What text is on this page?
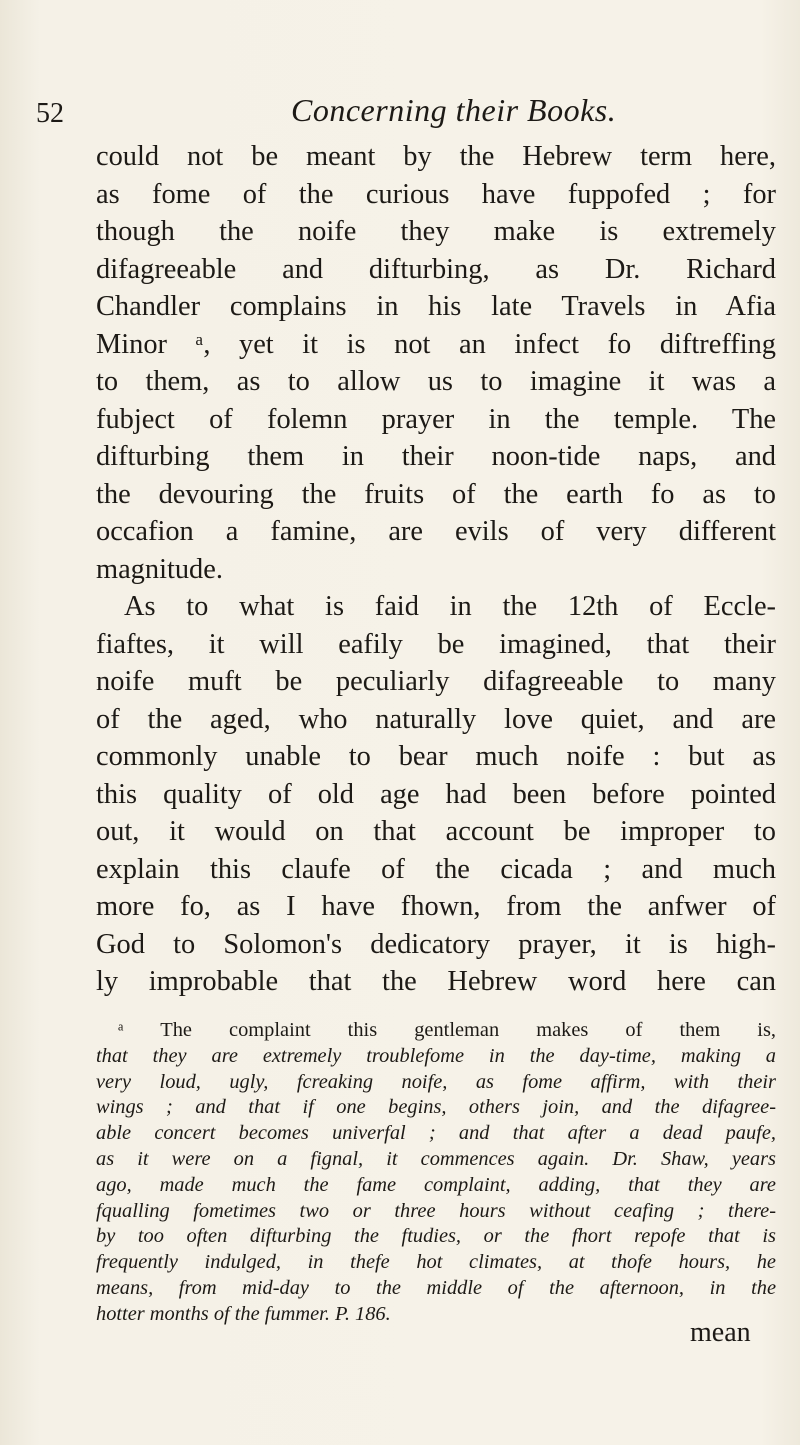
52	Concerning their Books.
could not be meant by the Hebrew term here,
as fome of the curious have fuppofed ; for
though the noife they make is extremely
difagreeable and difturbing, as Dr. Richard
Chandler complains in his late Travels in Afia
Minor ᵃ, yet it is not an infect fo diftreffing
to them, as to allow us to imagine it was a
fubject of folemn prayer in the temple. The
difturbing them in their noon-tide naps, and
the devouring the fruits of the earth fo as to
occafion a famine, are evils of very different
magnitude.
As to what is faid in the 12th of Eccle-
fiaftes, it will eafily be imagined, that their
noife muft be peculiarly difagreeable to many
of the aged, who naturally love quiet, and are
commonly unable to bear much noife : but as
this quality of old age had been before pointed
out, it would on that account be improper to
explain this claufe of the cicada ; and much
more fo, as I have fhown, from the anfwer of
God to Solomon's dedicatory prayer, it is high-
ly improbable that the Hebrew word here can
ᵃ The complaint this gentleman makes of them is,
that they are extremely troublefome in the day-time, making a
very loud, ugly, fcreaking noife, as fome affirm, with their
wings ; and that if one begins, others join, and the difagree-
able concert becomes univerfal ; and that after a dead paufe,
as it were on a fignal, it commences again. Dr. Shaw, years
ago, made much the fame complaint, adding, that they are
fqualling fometimes two or three hours without ceafing ; there-
by too often difturbing the ftudies, or the fhort repofe that is
frequently indulged, in thefe hot climates, at thofe hours, he
means, from mid-day to the middle of the afternoon, in the
hotter months of the fummer. P. 186.
mean
